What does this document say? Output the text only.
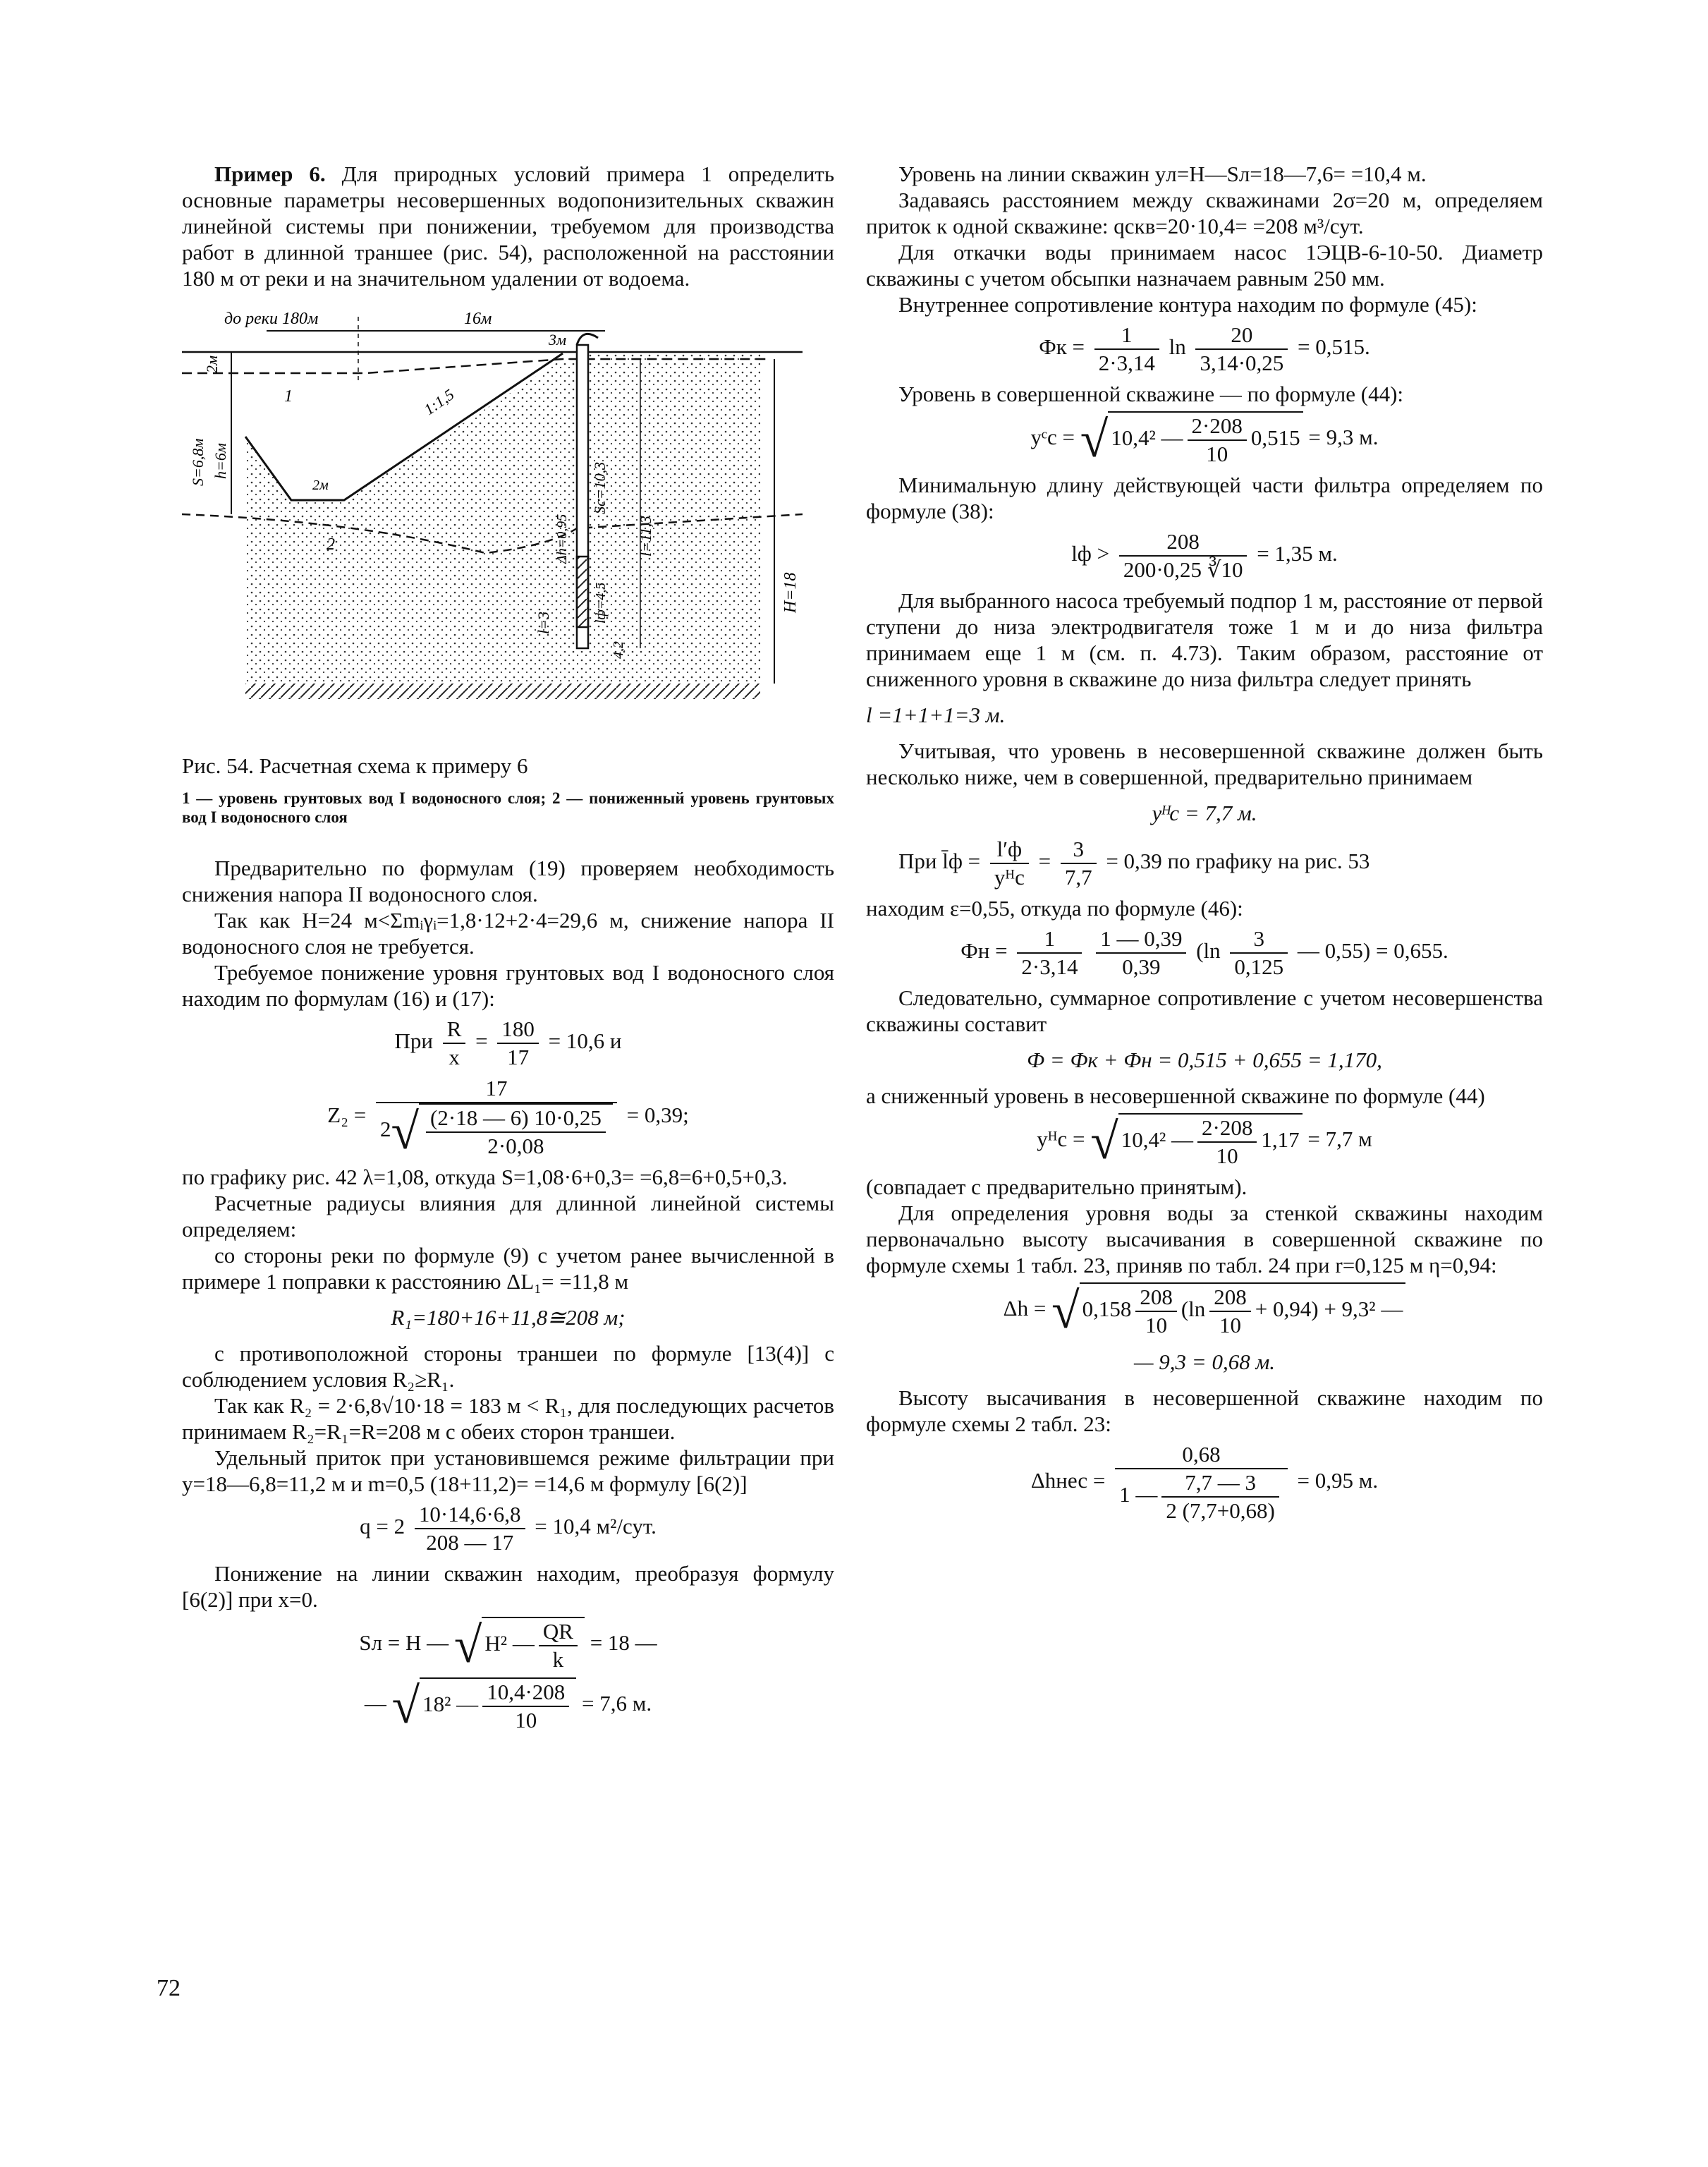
Пример 6. Для природных условий примера 1 определить основные параметры несовершенных водопонизительных скважин линейной системы при понижении, требуемом для производства работ в длинной траншее (рис. 54), расположенной на расстоянии 180 м от реки и на значительном удалении от водоема.

до реки 180м	16м
3м
2м
S=6,8м h=6м
1:1,5
2м	Sc=10,3
l=11,3
l=3
Δh=0,95
lф=4,5
4,2
H=18
1
2

Рис. 54. Расчетная схема к примеру 6

1 — уровень грунтовых вод I водоносного слоя; 2 — пониженный уровень грунтовых вод I водоносного слоя

Предварительно по формулам (19) проверяем необходимость снижения напора II водоносного слоя.

Так как H=24 м<Σmᵢγᵢ=1,8·12+2·4=29,6 м, снижение напора II водоносного слоя не требуется.

Требуемое понижение уровня грунтовых вод I водоносного слоя находим по формулам (16) и (17):

При $\frac{R}{x} = \frac{180}{17} = 10,6$ и
$Z_2 = \frac{17}{2√ \frac{(2\cdot 18 — 6) 10\cdot 0,25}{2\cdot 0,08}} = 0,39$;

по графику рис. 42 λ=1,08, откуда S=1,08·6+0,3= =6,8=6+0,5+0,3.

Расчетные радиусы влияния для длинной линейной системы определяем:

со стороны реки по формуле (9) с учетом ранее вычисленной в примере 1 поправки к расстоянию ΔL₁= =11,8 м

R₁=180+16+11,8≅208 м;

с противоположной стороны траншеи по формуле [13(4)] с соблюдением условия R₂≥R₁.

Так как R₂ = 2·6,8√10·18 = 183 м < R₁, для последующих расчетов принимаем R₂=R₁=R=208 м с обеих сторон траншеи.

Удельный приток при установившемся режиме фильтрации при y=18—6,8=11,2 м и m=0,5 (18+11,2)= =14,6 м формулу [6(2)]

$q = 2 \frac{10\cdot 14,6\cdot 6,8}{208 — 17} = 10,4$ м²/сут.

Понижение на линии скважин находим, преобразуя формулу [6(2)] при x=0.

Sл = H — √ H² — $\frac{QR}{k} = 18$ —
— √ 18² — $\frac{10,4\cdot 208}{10} = 7,6$ м.

Уровень на линии скважин yл=H—Sл=18—7,6= =10,4 м.

Задаваясь расстоянием между скважинами 2σ=20 м, определяем приток к одной скважине: qскв=20·10,4= =208 м³/сут.

Для откачки воды принимаем насос 1ЭЦВ-6-10-50. Диаметр скважины с учетом обсыпки назначаем равным 250 мм.

Внутреннее сопротивление контура находим по формуле (45):

Фк = $\frac{1}{2\cdot 3,14}$ $\ln \frac{20}{3,14\cdot 0,25} = 0,515$.

Уровень в совершенной скважине — по формуле (44):

yᶜc = √ 10,4² — $\frac{2\cdot 208}{10} 0,515 = 9,3$ м.

Минимальную длину действующей части фильтра определяем по формуле (38):

lф > $\frac{208}{200\cdot 0,25 ∛10} = 1,35$ м.

Для выбранного насоса требуемый подпор 1 м, расстояние от первой ступени до низа электродвигателя тоже 1 м и до низа фильтра принимаем еще 1 м (см. п. 4.73). Таким образом, расстояние от сниженного уровня в скважине до низа фильтра следует принять

l =1+1+1=3 м.

Учитывая, что уровень в несовершенной скважине должен быть несколько ниже, чем в совершенной, предварительно принимаем

yᴴc = 7,7 м.
При l̄ф = $\frac{l'ф}{\text{yᴴc}} = \frac{3}{7,7} = 0,39$ по графику на рис. 53

находим ε=0,55, откуда по формуле (46):

Фн = $\frac{1}{2\cdot 3,14}$
$\frac{1 — 0,39}{0,39} (\ln \frac{3}{0,125}$ — 0,55) = 0,655.

Следовательно, суммарное сопротивление с учетом несовершенства скважины составит

Ф = Фк + Фн = 0,515 + 0,655 = 1,170,

а сниженный уровень в несовершенной скважине по формуле (44)

yᴴc = √ 10,4² — $\frac{2\cdot 208}{10} 1,17 = 7,7$ м

(совпадает с предварительно принятым).

Для определения уровня воды за стенкой скважины находим первоначально высоту высачивания в совершенной скважине по формуле схемы 1 табл. 23, приняв по табл. 24 при r=0,125 м η=0,94:

Δh = √ $0,158 \frac{208}{10} (\ln \frac{208}{10} + 0,94) + 9,3^2$ —
— 9,3 = 0,68 м.

Высоту высачивания в несовершенной скважине находим по формуле схемы 2 табл. 23:

Δhнес = $\frac{0,68}{1 — \frac{7,7 — 3}{2 (7,7+0,68)}} = 0,95$ м.
72
